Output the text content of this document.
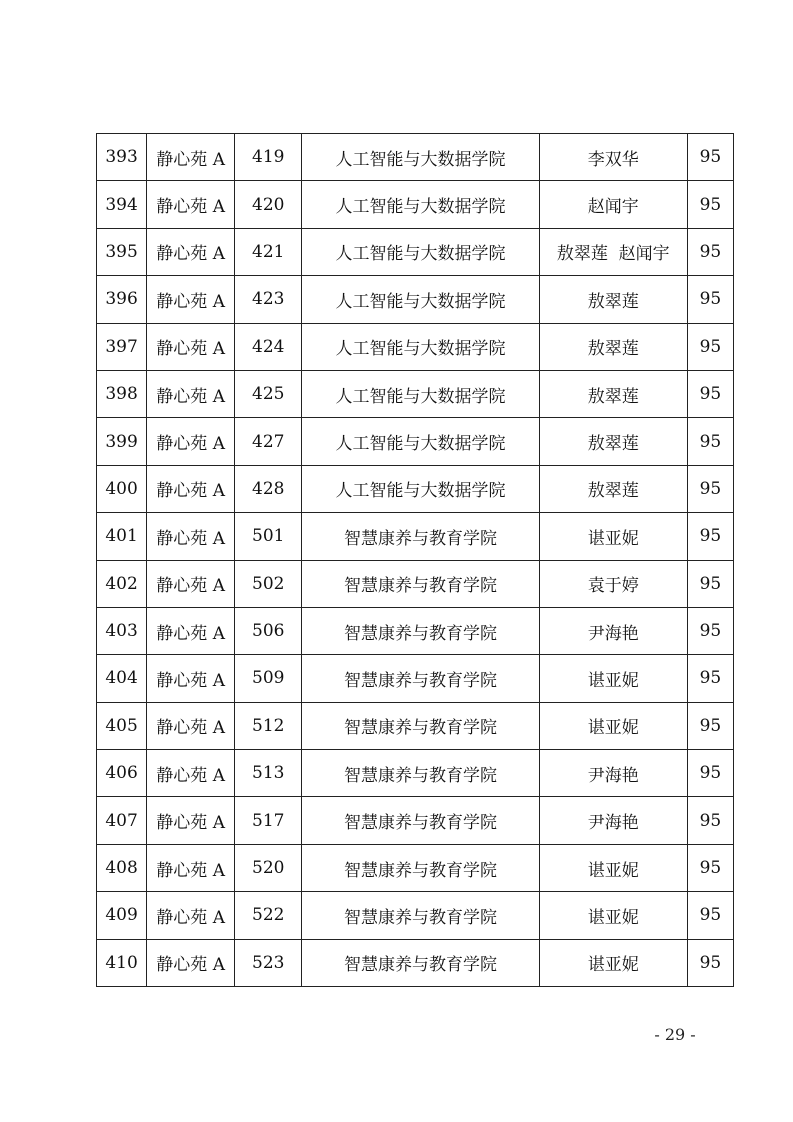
393	静心苑 A	419	人工智能与大数据学院	李双华	95
394	静心苑 A	420	人工智能与大数据学院	赵闻宇	95
395	静心苑 A	421	人工智能与大数据学院	敖翠莲  赵闻宇	95
396	静心苑 A	423	人工智能与大数据学院	敖翠莲	95
397	静心苑 A	424	人工智能与大数据学院	敖翠莲	95
398	静心苑 A	425	人工智能与大数据学院	敖翠莲	95
399	静心苑 A	427	人工智能与大数据学院	敖翠莲	95
400	静心苑 A	428	人工智能与大数据学院	敖翠莲	95
401	静心苑 A	501	智慧康养与教育学院	谌亚妮	95
402	静心苑 A	502	智慧康养与教育学院	袁于婷	95
403	静心苑 A	506	智慧康养与教育学院	尹海艳	95
404	静心苑 A	509	智慧康养与教育学院	谌亚妮	95
405	静心苑 A	512	智慧康养与教育学院	谌亚妮	95
406	静心苑 A	513	智慧康养与教育学院	尹海艳	95
407	静心苑 A	517	智慧康养与教育学院	尹海艳	95
408	静心苑 A	520	智慧康养与教育学院	谌亚妮	95
409	静心苑 A	522	智慧康养与教育学院	谌亚妮	95
410	静心苑 A	523	智慧康养与教育学院	谌亚妮	95
- 29 -
